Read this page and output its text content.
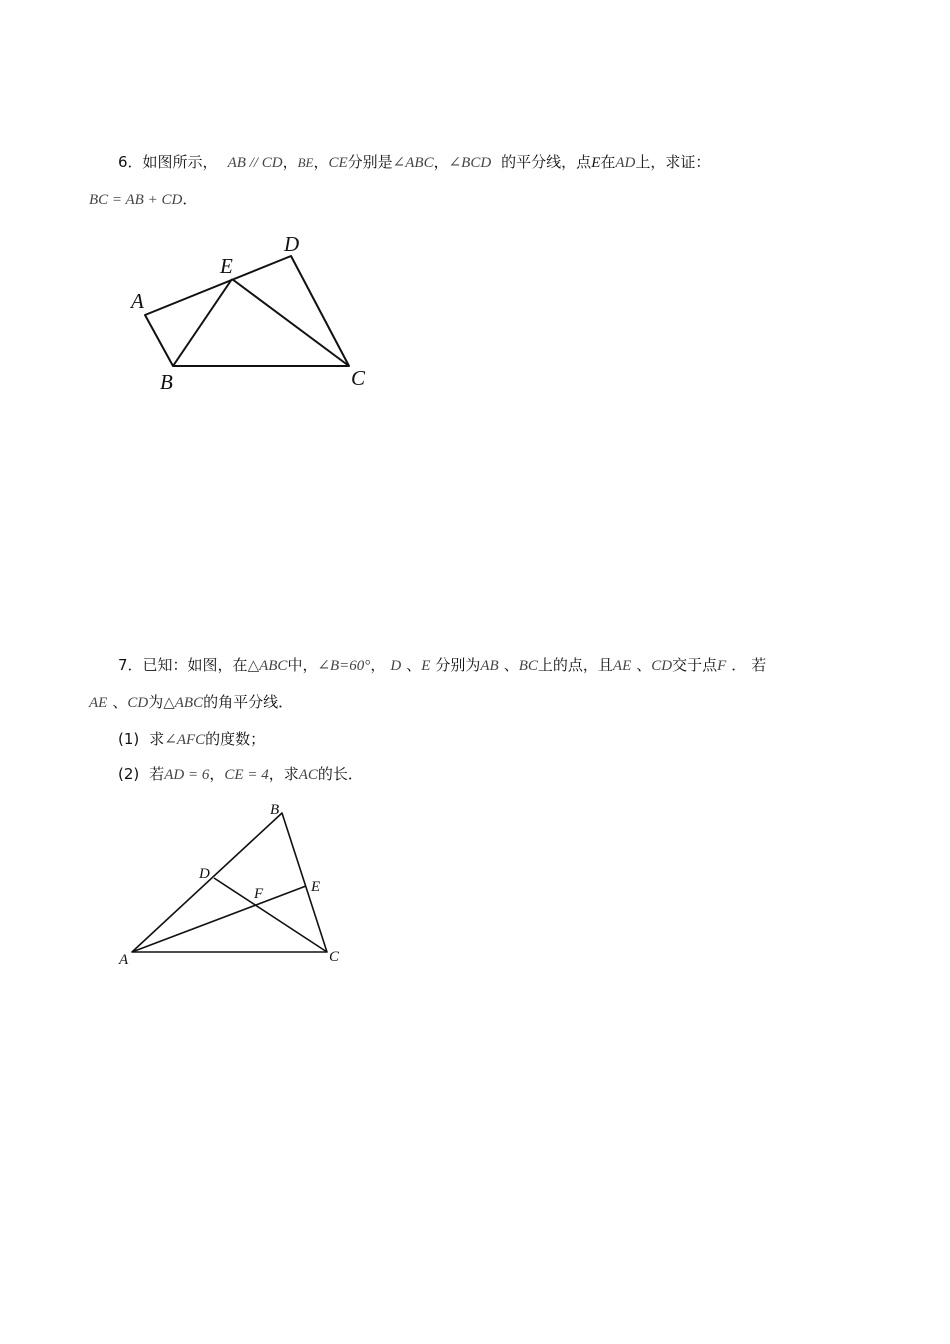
6．如图所示， AB // CD，BE，CE分别是∠ABC，∠BCD 的平分线，点E在AD上，求证：
BC = AB + CD．
A
B	C
D
E
A
B
C
D
E
F
7．已知：如图，在△ABC中，∠B=60°， D 、E 分别为AB 、BC上的点，且AE 、CD交于点F ． 若
AE 、CD为△ABC的角平分线．
(1) 求∠AFC的度数；
(2) 若AD = 6，CE = 4，求AC的长．
